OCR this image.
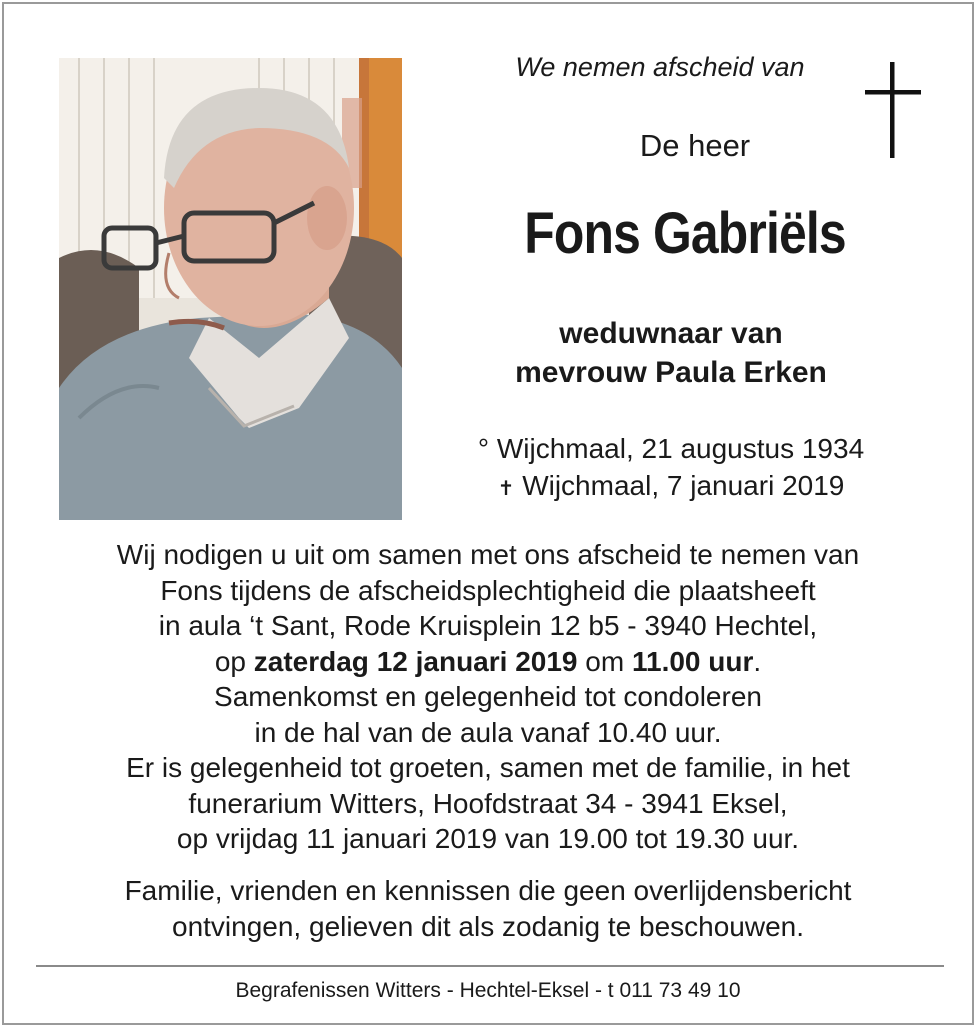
We nemen afscheid van
De heer
Fons Gabriëls
weduwnaar van
mevrouw Paula Erken
° Wijchmaal, 21 augustus 1934
✝ Wijchmaal, 7 januari 2019
Wij nodigen u uit om samen met ons afscheid te nemen van
Fons tijdens de afscheidsplechtigheid die plaatsheeft
in aula ‘t Sant, Rode Kruisplein 12 b5 - 3940 Hechtel,
op zaterdag 12 januari 2019 om 11.00 uur.
Samenkomst en gelegenheid tot condoleren
in de hal van de aula vanaf 10.40 uur.
Er is gelegenheid tot groeten, samen met de familie, in het
funerarium Witters, Hoofdstraat 34 - 3941 Eksel,
op vrijdag 11 januari 2019 van 19.00 tot 19.30 uur.
Familie, vrienden en kennissen die geen overlijdensbericht
ontvingen, gelieven dit als zodanig te beschouwen.
Begrafenissen Witters - Hechtel-Eksel - t 011 73 49 10
